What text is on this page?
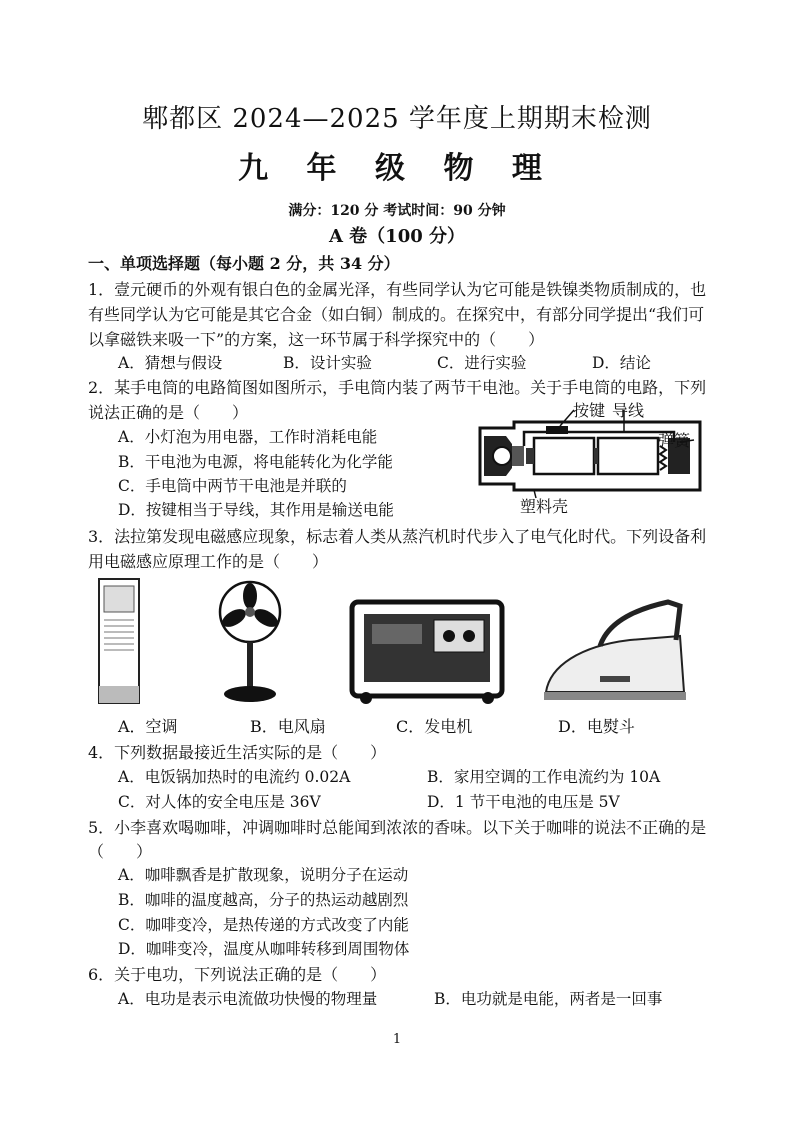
郫都区 2024—2025 学年度上期期末检测
九 年 级 物 理
满分：120 分 考试时间：90 分钟
A 卷（100 分）
一、单项选择题（每小题 2 分，共 34 分）
1．壹元硬币的外观有银白色的金属光泽，有些同学认为它可能是铁镍类物质制成的，也
有些同学认为它可能是其它合金（如白铜）制成的。在探究中，有部分同学提出“我们可
以拿磁铁来吸一下”的方案，这一环节属于科学探究中的（　　）
A．猜想与假设	B．设计实验	C．进行实验	D．结论
2．某手电筒的电路简图如图所示，手电筒内装了两节干电池。关于手电筒的电路，下列
说法正确的是（　　）
A．小灯泡为用电器，工作时消耗电能
B．干电池为电源，将电能转化为化学能
C．手电筒中两节干电池是并联的
D．按键相当于导线，其作用是输送电能
按键 导线
弹簧
塑料壳
3．法拉第发现电磁感应现象，标志着人类从蒸汽机时代步入了电气化时代。下列设备利
用电磁感应原理工作的是（　　）
A．空调	B．电风扇	C．发电机	D．电熨斗
4．下列数据最接近生活实际的是（　　）
A．电饭锅加热时的电流约 0.02A	B．家用空调的工作电流约为 10A
C．对人体的安全电压是 36V	D．1 节干电池的电压是 5V
5．小李喜欢喝咖啡，冲调咖啡时总能闻到浓浓的香味。以下关于咖啡的说法不正确的是
（　　）
A．咖啡飘香是扩散现象，说明分子在运动
B．咖啡的温度越高，分子的热运动越剧烈
C．咖啡变冷，是热传递的方式改变了内能
D．咖啡变冷，温度从咖啡转移到周围物体
6．关于电功，下列说法正确的是（　　）
A．电功是表示电流做功快慢的物理量	B．电功就是电能，两者是一回事
1
